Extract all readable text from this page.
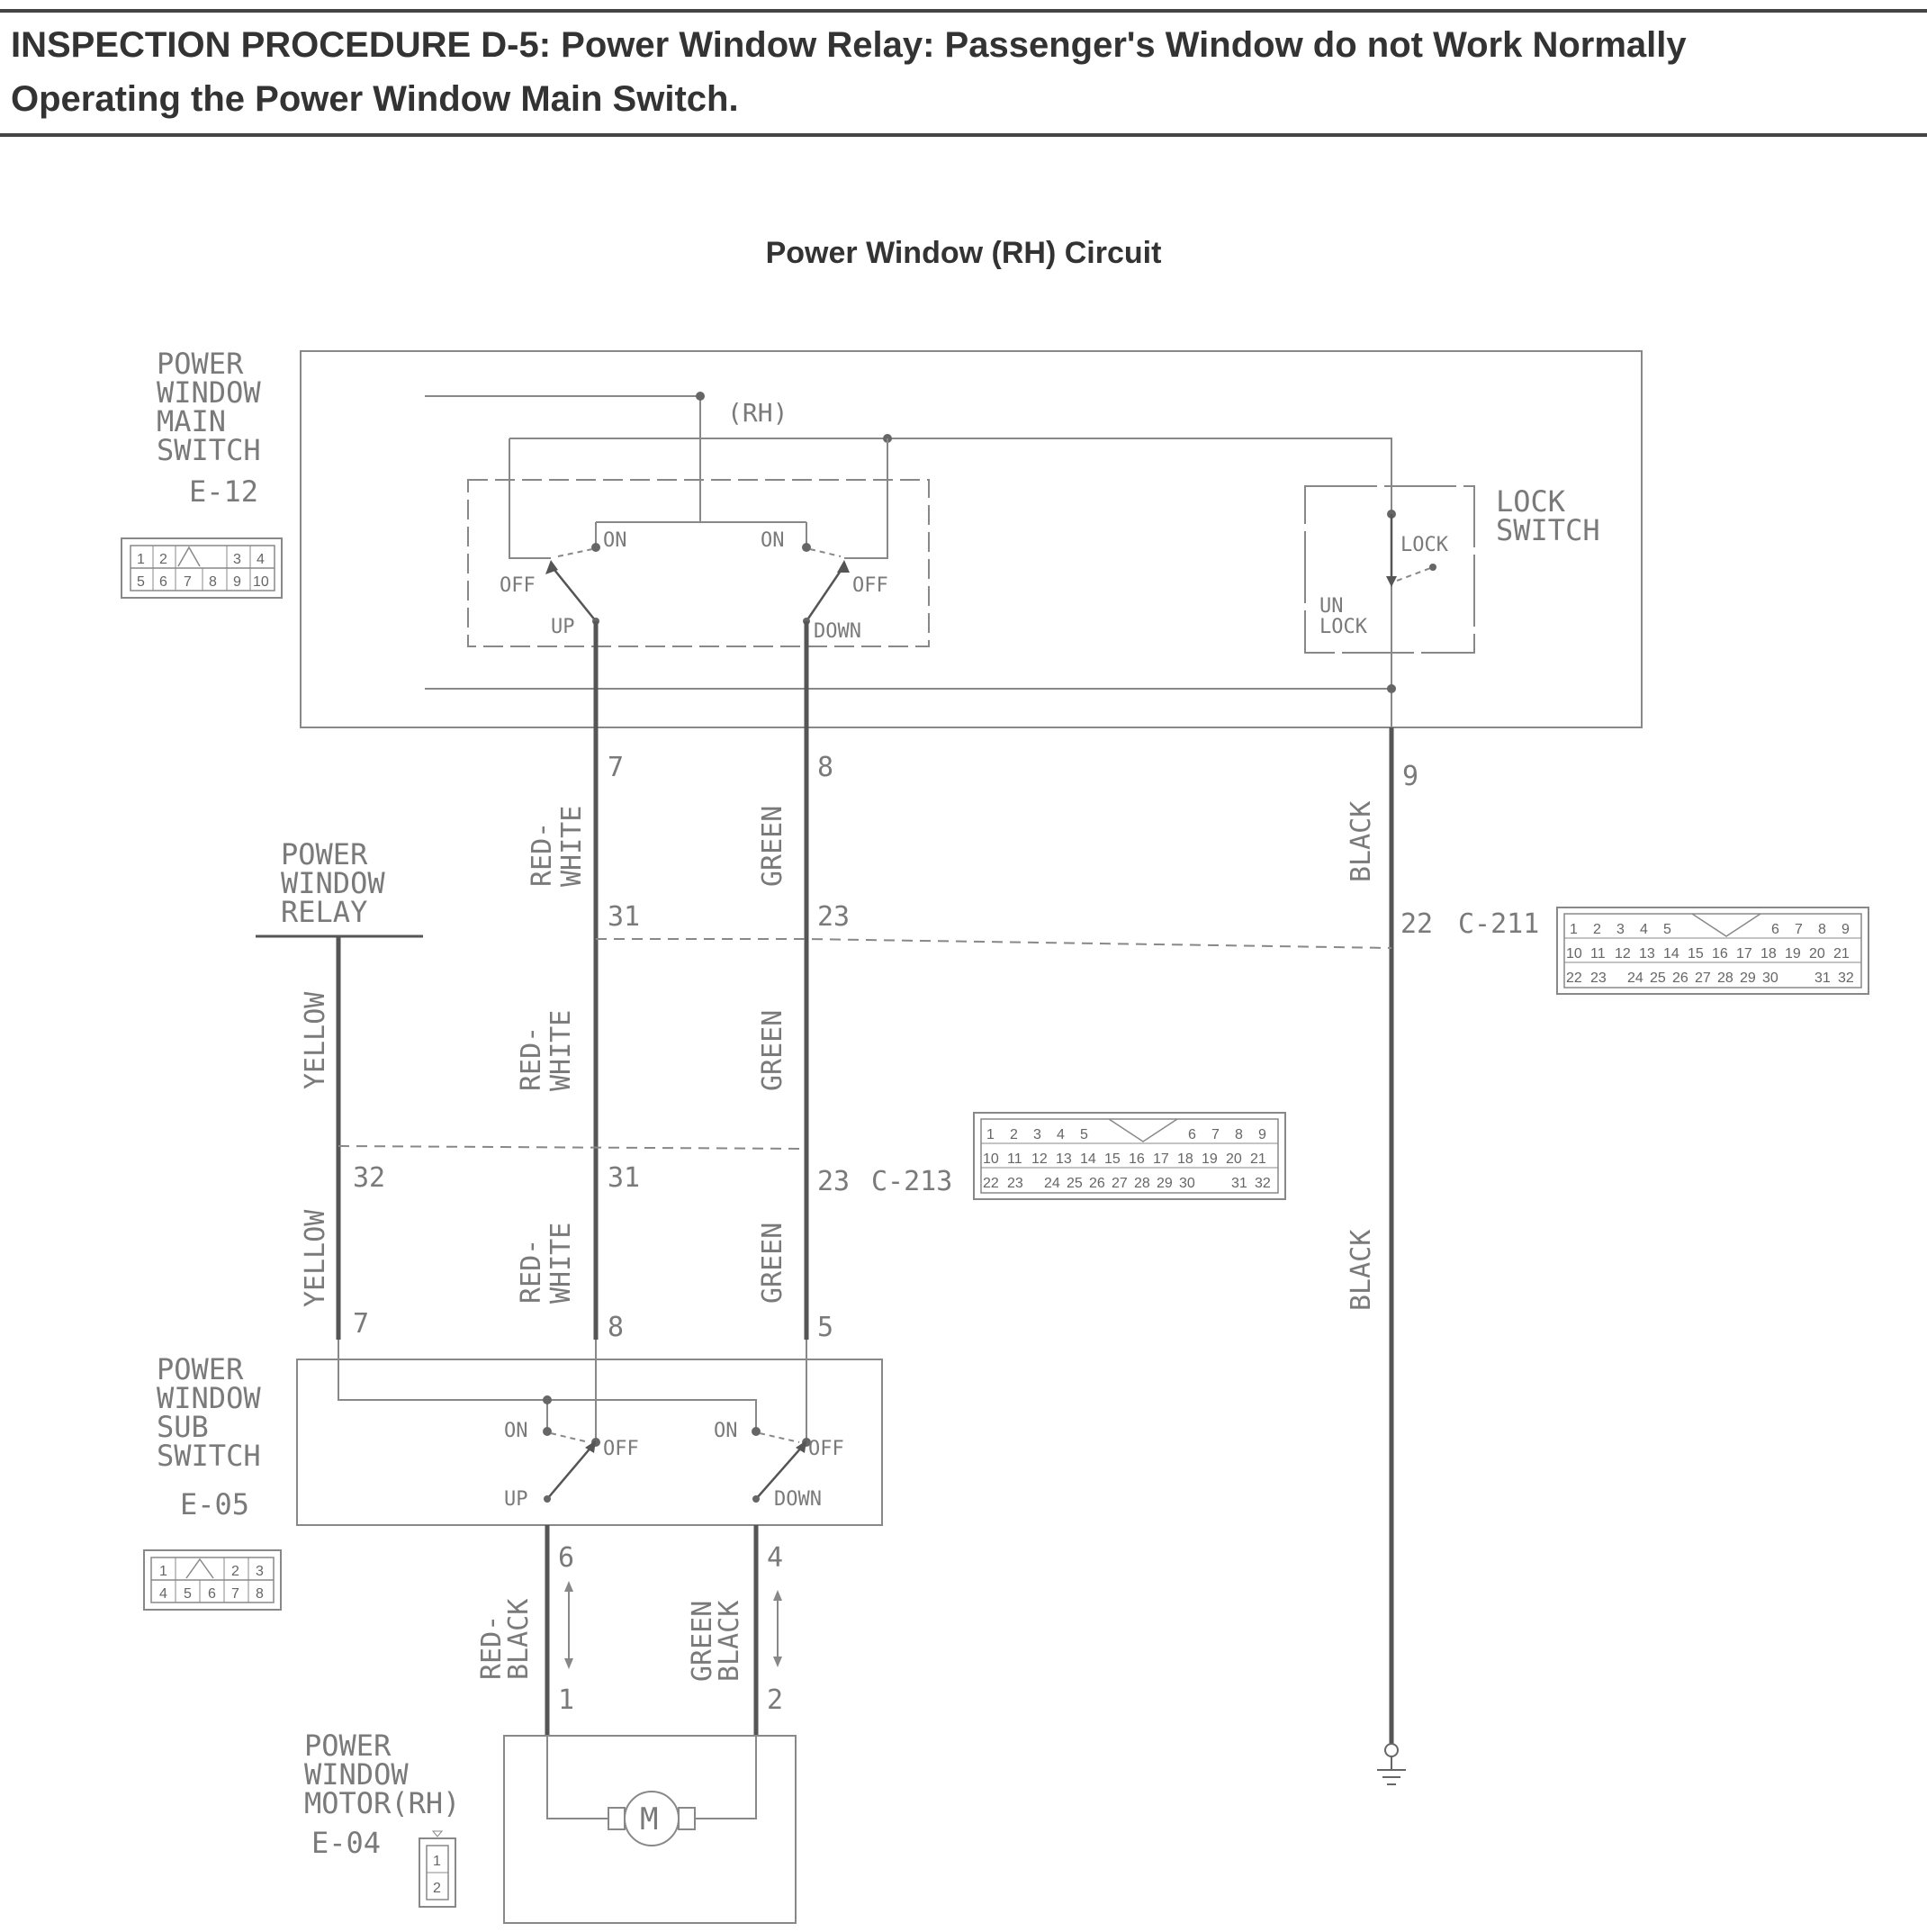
INSPECTION PROCEDURE D-5: Power Window Relay: Passenger's Window do not Work Normally
Operating the Power Window Main Switch.
Power Window (RH) Circuit
POWER
WINDOW
MAIN
SWITCH
E-12
(RH)
ON	ON
OFF	OFF
UP	DOWN
LOCK
SWITCH
LOCK
UN
LOCK
1 2	3 4
5 6 7 8 9 10
7	8	9
RED-
WHITE	GREEN	BLACK
31	23	22 C-211
RED-
WHITE	GREEN
YELLOW
32	31	23 C-213
RED-
WHITE	GREEN
YELLOW	BLACK
7	8	5
POWER
WINDOW
RELAY
1 2 3 4 5	6 7 8 9
10 11 12 13 14 15 16 17 18 19 20 21
22 23 24 25 26 27 28 29 30	31 32
1 2 3 4 5	6 7 8 9
10 11 12 13 14 15 16 17 18 19 20 21
22 23 24 25 26 27 28 29 30	31 32
POWER
WINDOW
SUB
SWITCH
E-05
ON	ON
OFF	OFF
UP	DOWN
1	2 3
4 5 6 7 8
6	4
RED-
BLACK	GREEN
BLACK
1	2
POWER
WINDOW
MOTOR(RH)
E-04
M
1
2
